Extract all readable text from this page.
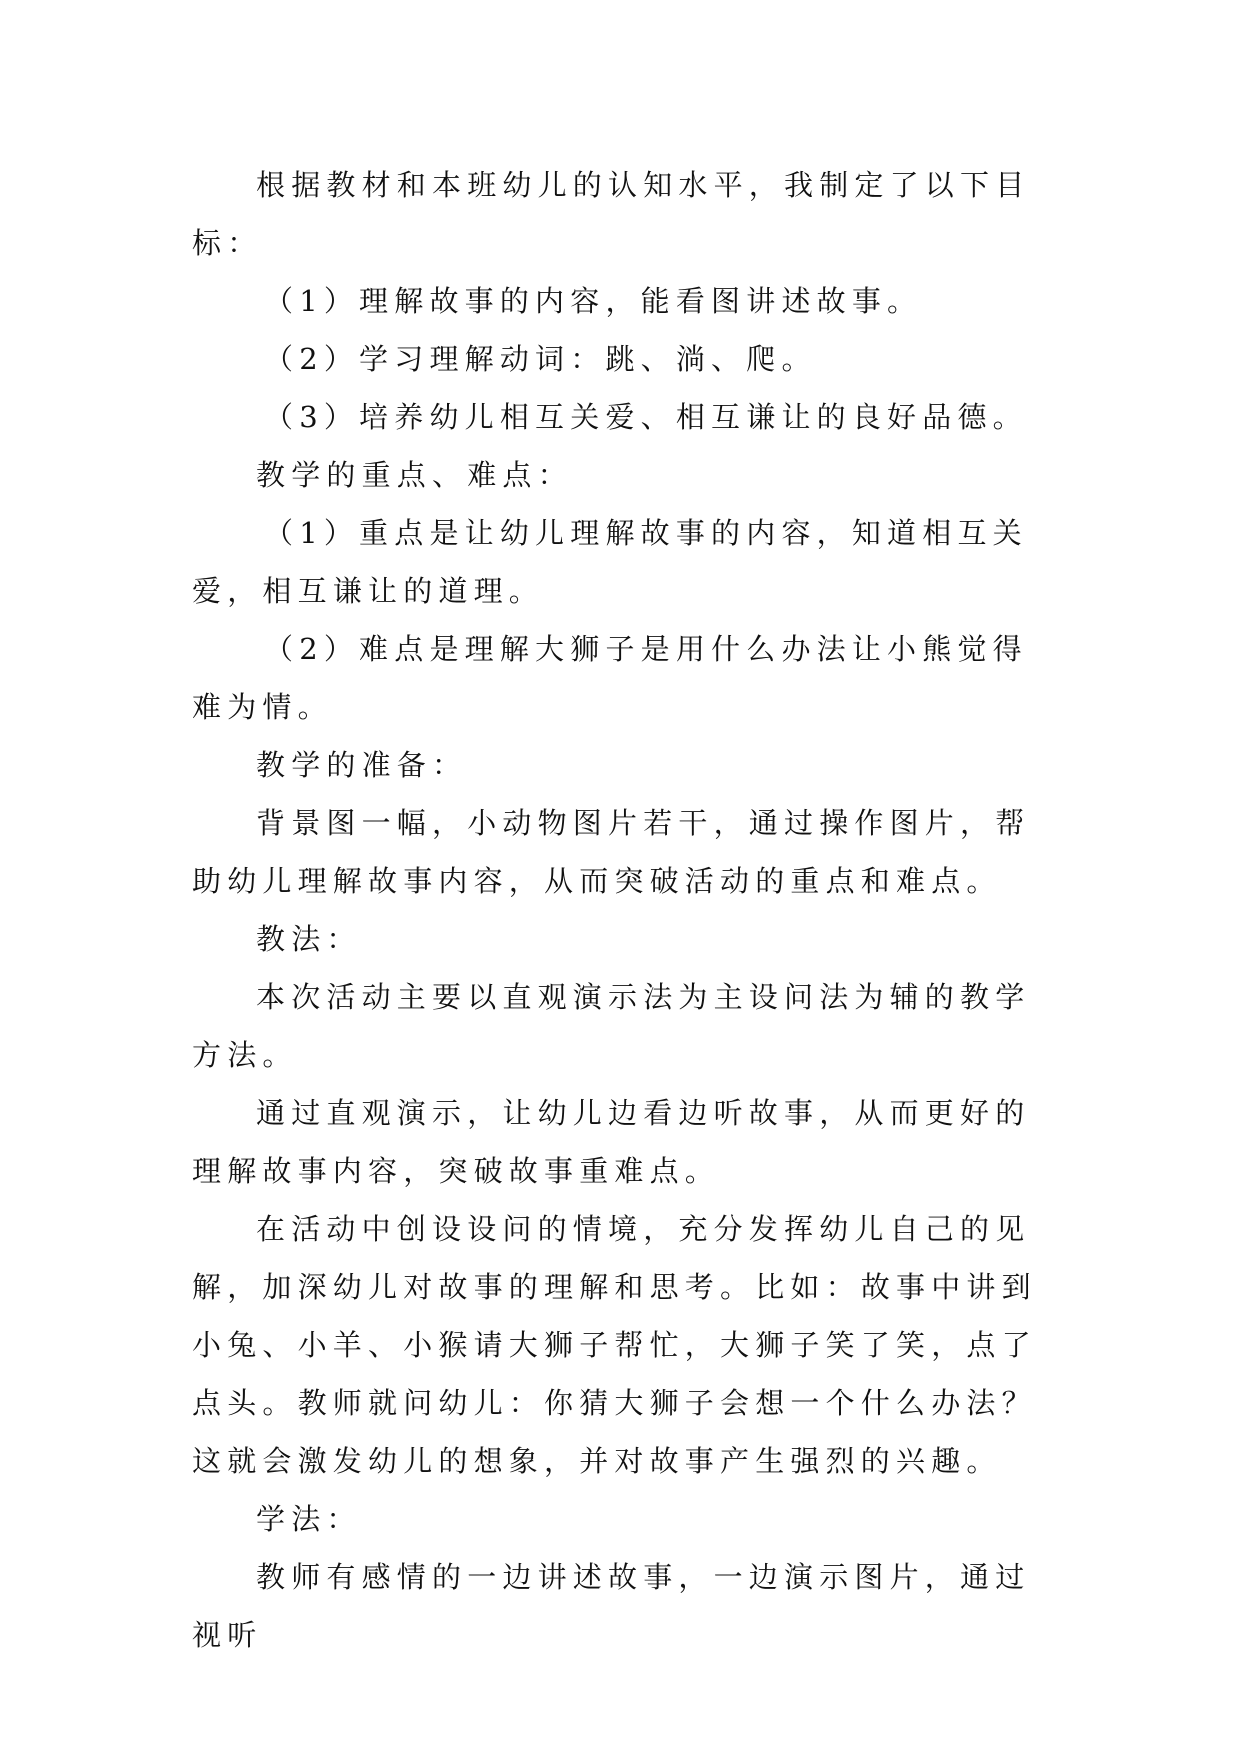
根据教材和本班幼儿的认知水平，我制定了以下目标：

（1）理解故事的内容，能看图讲述故事。

（2）学习理解动词：跳、淌、爬。

（3）培养幼儿相互关爱、相互谦让的良好品德。

教学的重点、难点：

（1）重点是让幼儿理解故事的内容，知道相互关爱，相互谦让的道理。

（2）难点是理解大狮子是用什么办法让小熊觉得难为情。

教学的准备：

背景图一幅，小动物图片若干，通过操作图片，帮助幼儿理解故事内容，从而突破活动的重点和难点。

教法：

本次活动主要以直观演示法为主设问法为辅的教学方法。

通过直观演示，让幼儿边看边听故事，从而更好的理解故事内容，突破故事重难点。

在活动中创设设问的情境，充分发挥幼儿自己的见解，加深幼儿对故事的理解和思考。比如：故事中讲到小兔、小羊、小猴请大狮子帮忙，大狮子笑了笑，点了点头。教师就问幼儿：你猜大狮子会想一个什么办法？这就会激发幼儿的想象，并对故事产生强烈的兴趣。

学法：

教师有感情的一边讲述故事，一边演示图片，通过视听
